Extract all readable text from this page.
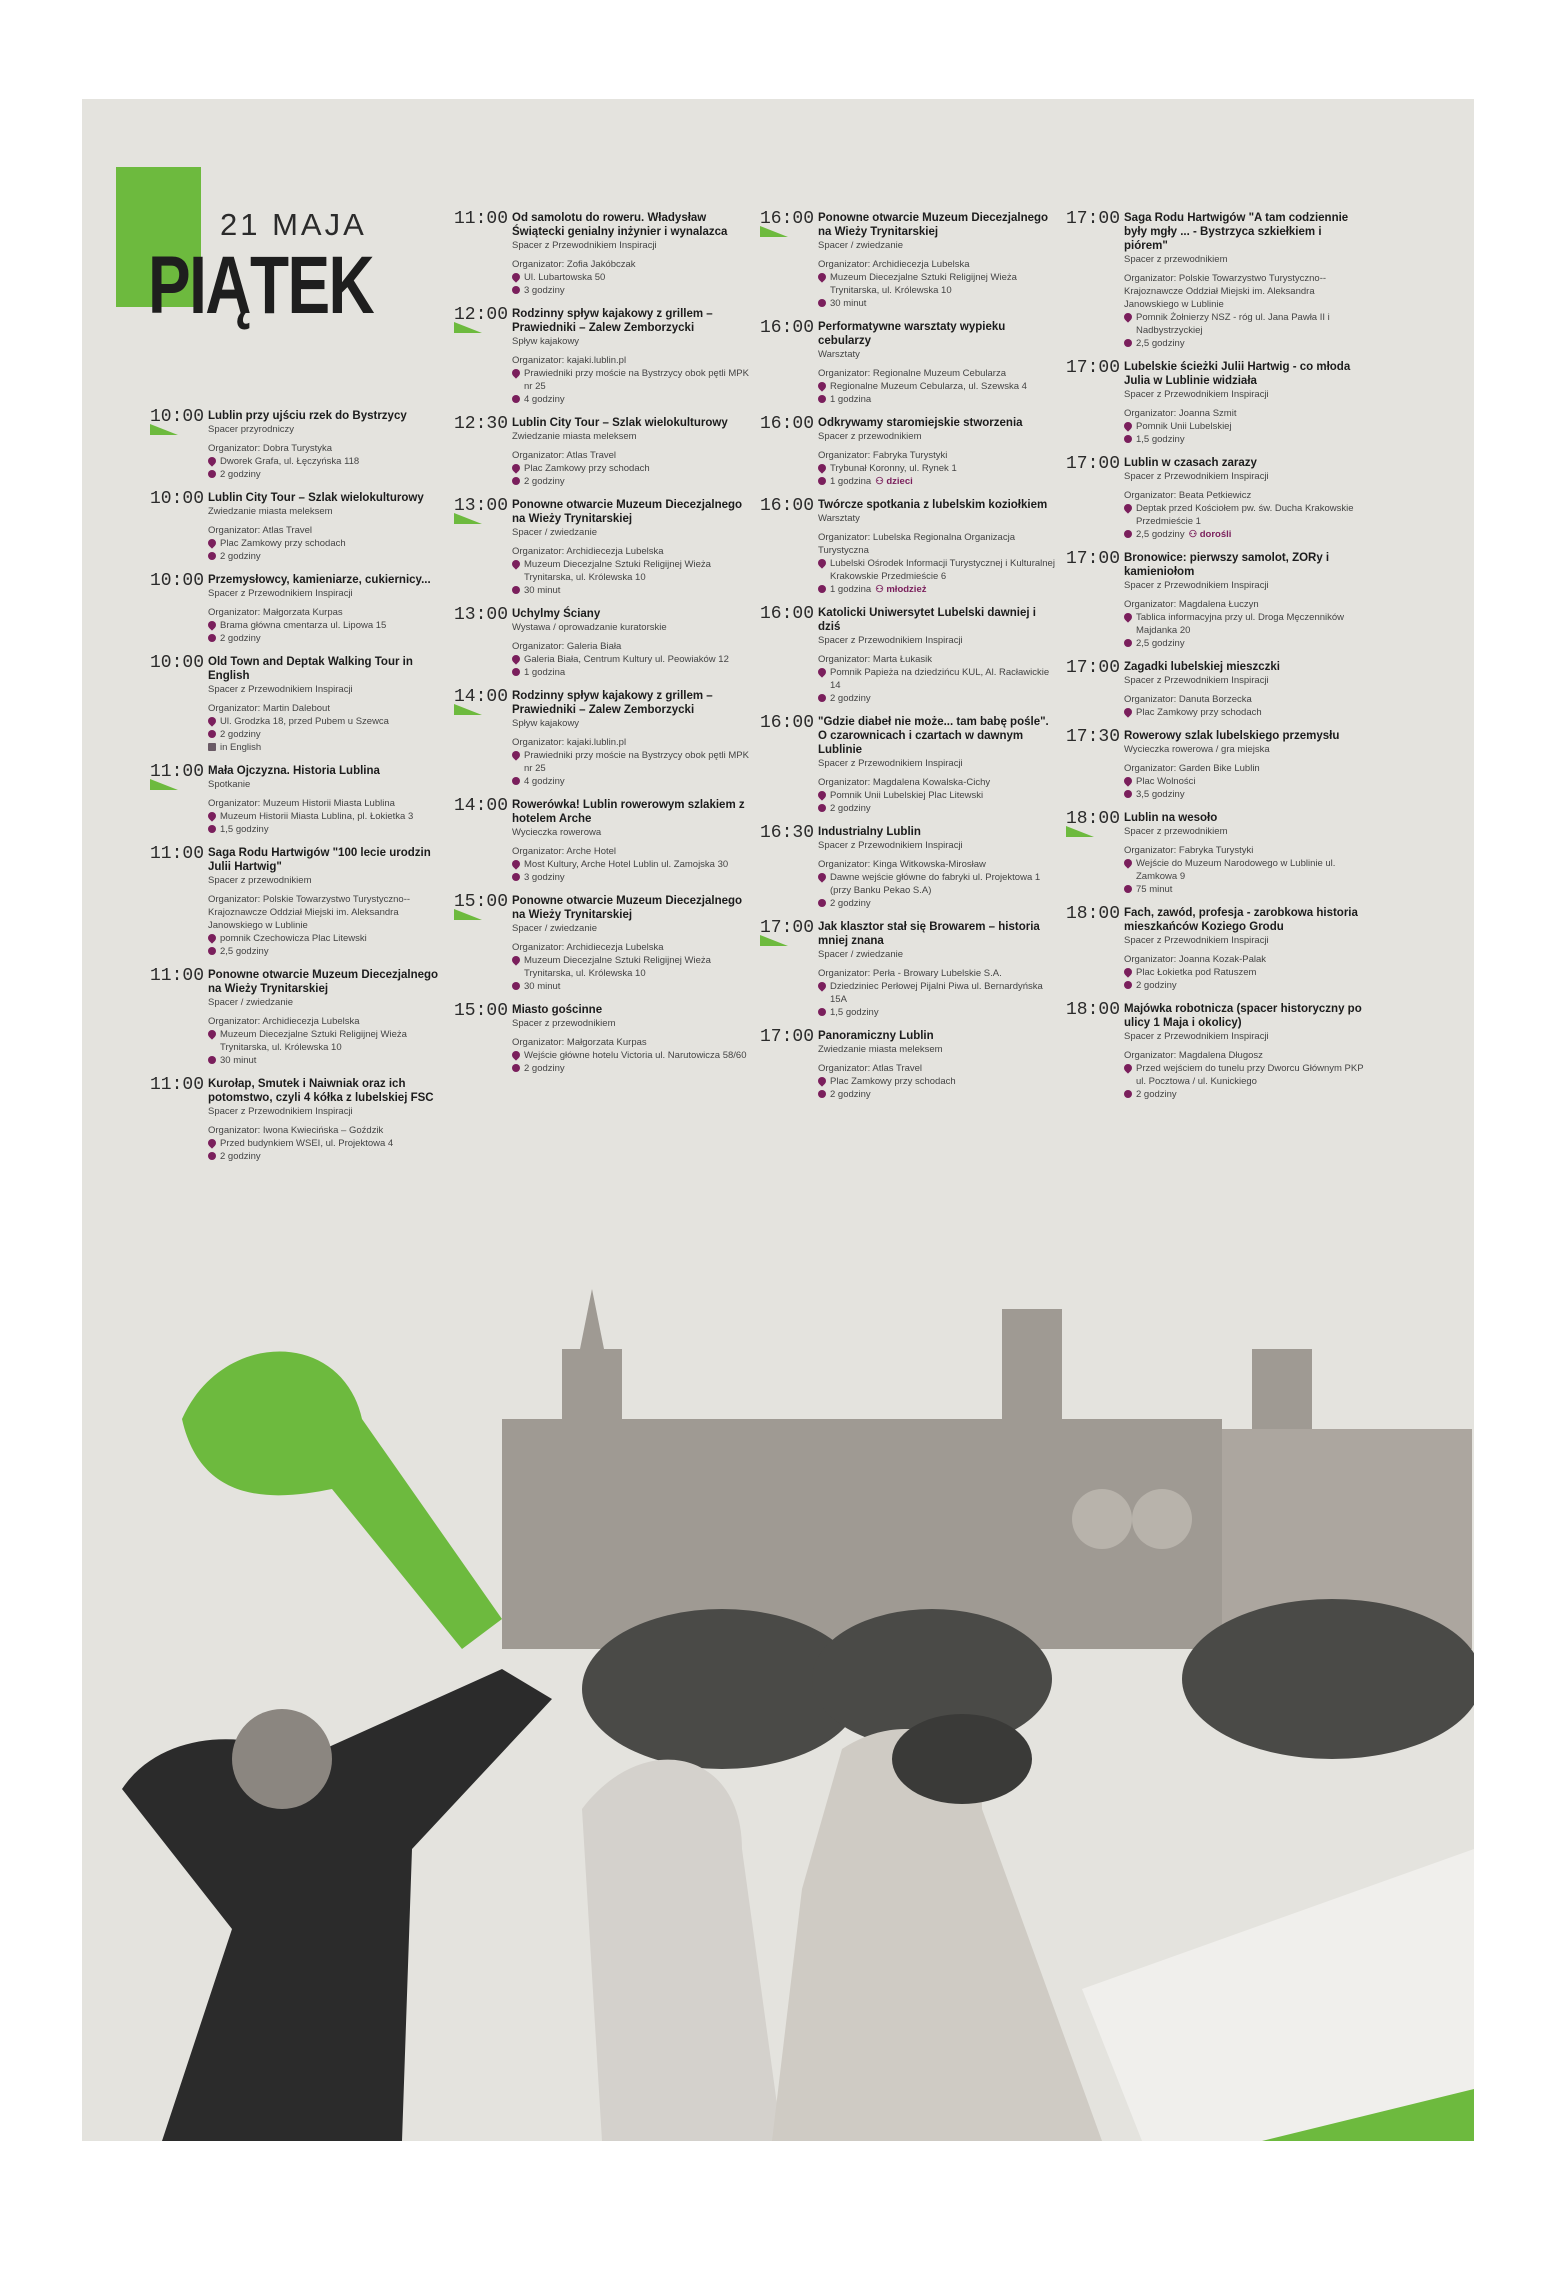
21 MAJA
PIĄTEK
10:00 Lublin przy ujściu rzek do Bystrzycy
Spacer przyrodniczy
Organizator: Dobra Turystyka
Dworek Grafa, ul. Łęczyńska 118
2 godziny
10:00 Lublin City Tour – Szlak wielokulturowy
Zwiedzanie miasta meleksem
Organizator: Atlas Travel
Plac Zamkowy przy schodach
2 godziny
10:00 Przemysłowcy, kamieniarze, cukiernicy...
Spacer z Przewodnikiem Inspiracji
Organizator: Małgorzata Kurpas
Brama główna cmentarza ul. Lipowa 15
2 godziny
10:00 Old Town and Deptak Walking Tour in English
Spacer z Przewodnikiem Inspiracji
Organizator: Martin Dalebout
Ul. Grodzka 18, przed Pubem u Szewca
2 godziny
in English
11:00 Mała Ojczyzna. Historia Lublina
Spotkanie
Organizator: Muzeum Historii Miasta Lublina
Muzeum Historii Miasta Lublina, pl. Łokietka 3
1,5 godziny
11:00 Saga Rodu Hartwigów "100 lecie urodzin Julii Hartwig"
Spacer z przewodnikiem
Organizator: Polskie Towarzystwo Turystyczno--Krajoznawcze Oddział Miejski im. Aleksandra Janowskiego w Lublinie
pomnik Czechowicza Plac Litewski
2,5 godziny
11:00 Ponowne otwarcie Muzeum Diecezjalnego na Wieży Trynitarskiej
Spacer / zwiedzanie
Organizator: Archidiecezja Lubelska
Muzeum Diecezjalne Sztuki Religijnej Wieża Trynitarska, ul. Królewska 10
30 minut
11:00 Kurołap, Smutek i Naiwniak oraz ich potomstwo, czyli 4 kółka z lubelskiej FSC
Spacer z Przewodnikiem Inspiracji
Organizator: Iwona Kwiecińska – Goździk
Przed budynkiem WSEI, ul. Projektowa 4
2 godziny
11:00 Od samolotu do roweru. Władysław Świątecki genialny inżynier i wynalazca
Spacer z Przewodnikiem Inspiracji
Organizator: Zofia Jakóbczak
Ul. Lubartowska 50
3 godziny
12:00 Rodzinny spływ kajakowy z grillem – Prawiedniki – Zalew Zemborzycki
Spływ kajakowy
Organizator: kajaki.lublin.pl
Prawiedniki przy moście na Bystrzycy obok pętli MPK nr 25
4 godziny
12:30 Lublin City Tour – Szlak wielokulturowy
Zwiedzanie miasta meleksem
Organizator: Atlas Travel
Plac Zamkowy przy schodach
2 godziny
13:00 Ponowne otwarcie Muzeum Diecezjalnego na Wieży Trynitarskiej
Spacer / zwiedzanie
Organizator: Archidiecezja Lubelska
Muzeum Diecezjalne Sztuki Religijnej Wieża Trynitarska, ul. Królewska 10
30 minut
13:00 Uchylmy Ściany
Wystawa / oprowadzanie kuratorskie
Organizator: Galeria Biała
Galeria Biała, Centrum Kultury ul. Peowiaków 12
1 godzina
14:00 Rodzinny spływ kajakowy z grillem – Prawiedniki – Zalew Zemborzycki
Spływ kajakowy
Organizator: kajaki.lublin.pl
Prawiedniki przy moście na Bystrzycy obok pętli MPK nr 25
4 godziny
14:00 Rowerówka! Lublin rowerowym szlakiem z hotelem Arche
Wycieczka rowerowa
Organizator: Arche Hotel
Most Kultury, Arche Hotel Lublin ul. Zamojska 30
3 godziny
15:00 Ponowne otwarcie Muzeum Diecezjalnego na Wieży Trynitarskiej
Spacer / zwiedzanie
Organizator: Archidiecezja Lubelska
Muzeum Diecezjalne Sztuki Religijnej Wieża Trynitarska, ul. Królewska 10
30 minut
15:00 Miasto gościnne
Spacer z przewodnikiem
Organizator: Małgorzata Kurpas
Wejście główne hotelu Victoria ul. Narutowicza 58/60
2 godziny
16:00 Ponowne otwarcie Muzeum Diecezjalnego na Wieży Trynitarskiej
Spacer / zwiedzanie
Organizator: Archidiecezja Lubelska
Muzeum Diecezjalne Sztuki Religijnej Wieża Trynitarska, ul. Królewska 10
30 minut
16:00 Performatywne warsztaty wypieku cebularzy
Warsztaty
Organizator: Regionalne Muzeum Cebularza
Regionalne Muzeum Cebularza, ul. Szewska 4
1 godzina
16:00 Odkrywamy staromiejskie stworzenia
Spacer z przewodnikiem
Organizator: Fabryka Turystyki
Trybunał Koronny, ul. Rynek 1
1 godzina ⚇ dzieci
16:00 Twórcze spotkania z lubelskim koziołkiem
Warsztaty
Organizator: Lubelska Regionalna Organizacja Turystyczna
Lubelski Ośrodek Informacji Turystycznej i Kulturalnej Krakowskie Przedmieście 6
1 godzina ⚇ młodzież
16:00 Katolicki Uniwersytet Lubelski dawniej i dziś
Spacer z Przewodnikiem Inspiracji
Organizator: Marta Łukasik
Pomnik Papieża na dziedzińcu KUL, Al. Racławickie 14
2 godziny
16:00 "Gdzie diabeł nie może... tam babę pośle". O czarownicach i czartach w dawnym Lublinie
Spacer z Przewodnikiem Inspiracji
Organizator: Magdalena Kowalska-Cichy
Pomnik Unii Lubelskiej Plac Litewski
2 godziny
16:30 Industrialny Lublin
Spacer z Przewodnikiem Inspiracji
Organizator: Kinga Witkowska-Mirosław
Dawne wejście główne do fabryki ul. Projektowa 1 (przy Banku Pekao S.A)
2 godziny
17:00 Jak klasztor stał się Browarem – historia mniej znana
Spacer / zwiedzanie
Organizator: Perła - Browary Lubelskie S.A.
Dziedziniec Perłowej Pijalni Piwa ul. Bernardyńska 15A
1,5 godziny
17:00 Panoramiczny Lublin
Zwiedzanie miasta meleksem
Organizator: Atlas Travel
Plac Zamkowy przy schodach
2 godziny
17:00 Saga Rodu Hartwigów "A tam codziennie były mgły ... - Bystrzyca szkiełkiem i piórem"
Spacer z przewodnikiem
Organizator: Polskie Towarzystwo Turystyczno--Krajoznawcze Oddział Miejski im. Aleksandra Janowskiego w Lublinie
Pomnik Żołnierzy NSZ - róg ul. Jana Pawła II i Nadbystrzyckiej
2,5 godziny
17:00 Lubelskie ścieżki Julii Hartwig - co młoda Julia w Lublinie widziała
Spacer z Przewodnikiem Inspiracji
Organizator: Joanna Szmit
Pomnik Unii Lubelskiej
1,5 godziny
17:00 Lublin w czasach zarazy
Spacer z Przewodnikiem Inspiracji
Organizator: Beata Petkiewicz
Deptak przed Kościołem pw. św. Ducha Krakowskie Przedmieście 1
2,5 godziny ⚇ dorośli
17:00 Bronowice: pierwszy samolot, ZORy i kamieniołom
Spacer z Przewodnikiem Inspiracji
Organizator: Magdalena Łuczyn
Tablica informacyjna przy ul. Droga Męczenników Majdanka 20
2,5 godziny
17:00 Zagadki lubelskiej mieszczki
Spacer z Przewodnikiem Inspiracji
Organizator: Danuta Borzecka
Plac Zamkowy przy schodach
17:30 Rowerowy szlak lubelskiego przemysłu
Wycieczka rowerowa / gra miejska
Organizator: Garden Bike Lublin
Plac Wolności
3,5 godziny
18:00 Lublin na wesoło
Spacer z przewodnikiem
Organizator: Fabryka Turystyki
Wejście do Muzeum Narodowego w Lublinie ul. Zamkowa 9
75 minut
18:00 Fach, zawód, profesja - zarobkowa historia mieszkańców Koziego Grodu
Spacer z Przewodnikiem Inspiracji
Organizator: Joanna Kozak-Palak
Plac Łokietka pod Ratuszem
2 godziny
18:00 Majówka robotnicza (spacer historyczny po ulicy 1 Maja i okolicy)
Spacer z Przewodnikiem Inspiracji
Organizator: Magdalena Długosz
Przed wejściem do tunelu przy Dworcu Głównym PKP ul. Pocztowa / ul. Kunickiego
2 godziny
